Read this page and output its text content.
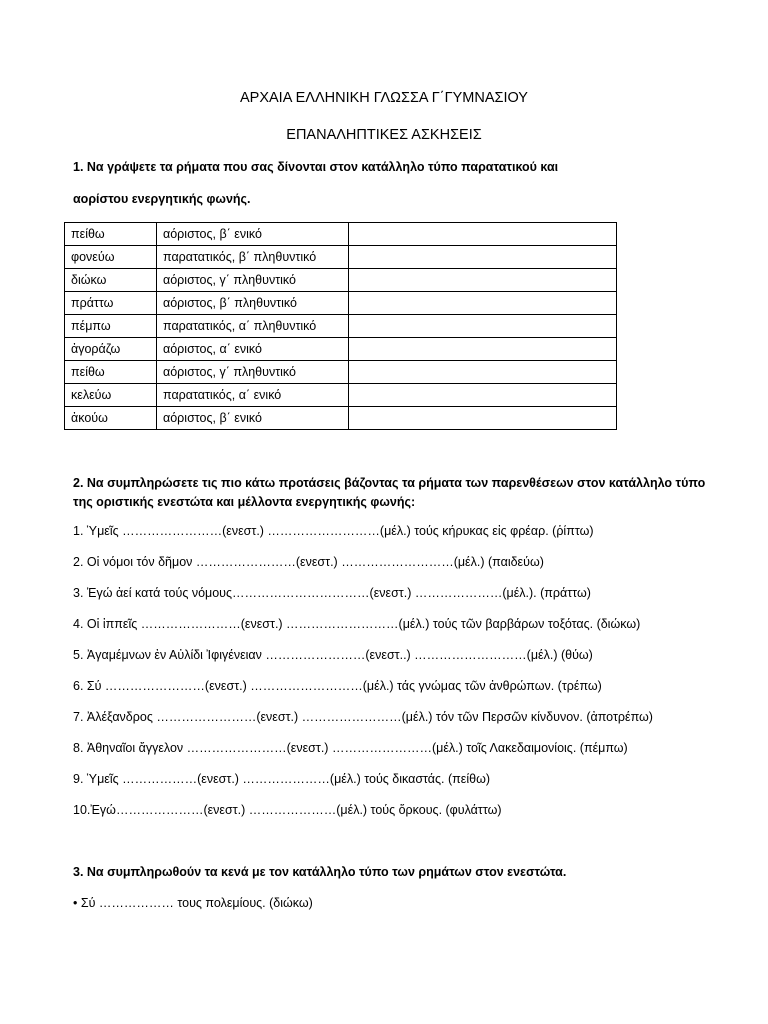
ΑΡΧΑΙΑ ΕΛΛΗΝΙΚΗ ΓΛΩΣΣΑ Γ΄ΓΥΜΝΑΣΙΟΥ
ΕΠΑΝΑΛΗΠΤΙΚΕΣ ΑΣΚΗΣΕΙΣ
1. Να γράψετε τα ρήματα που σας δίνονται στον κατάλληλο τύπο παρατατικού και
αορίστου ενεργητικής φωνής.
πείθω	αόριστος, β΄ ενικό	
φονεύω	παρατατικός, β΄ πληθυντικό	
διώκω	αόριστος, γ΄ πληθυντικό	
πράττω	αόριστος, β΄ πληθυντικό	
πέμπω	παρατατικός, α΄ πληθυντικό	
ἀγοράζω	αόριστος, α΄ ενικό	
πείθω	αόριστος, γ΄ πληθυντικό	
κελεύω	παρατατικός, α΄ ενικό	
ἀκούω	αόριστος, β΄ ενικό	
2. Να συμπληρώσετε τις πιο κάτω προτάσεις βάζοντας τα ρήματα των παρενθέσεων στον κατάλληλο τύπο της οριστικής ενεστώτα και μέλλοντα ενεργητικής φωνής:
1. Ὑμεῖς ……………………(ενεστ.) ………………………(μέλ.) τούς κήρυκας εἰς φρέαρ. (ῥίπτω)
2. Οἱ νόμοι τόν δῆμον ……………………(ενεστ.) ………………………(μέλ.) (παιδεύω)
3. Ἐγώ ἀεί κατά τούς νόμους……………………………(ενεστ.) …………………(μέλ.). (πράττω)
4. Οἱ ἱππεῖς ……………………(ενεστ.) ………………………(μέλ.) τούς τῶν βαρβάρων τοξότας. (διώκω)
5. Ἀγαμέμνων ἐν Αὐλίδι Ἰφιγένειαν ……………………(ενεστ..) ………………………(μέλ.) (θύω)
6. Σύ ……………………(ενεστ.) ………………………(μέλ.) τάς γνώμας τῶν ἀνθρώπων. (τρέπω)
7. Ἀλέξανδρος ……………………(ενεστ.) ……………………(μέλ.) τόν τῶν Περσῶν κίνδυνον. (ἀποτρέπω)
8. Ἀθηναῖοι ἄγγελον ……………………(ενεστ.) ……………………(μέλ.) τοῖς Λακεδαιμονίοις. (πέμπω)
9. Ὑμεῖς ………………(ενεστ.) …………………(μέλ.) τούς δικαστάς. (πείθω)
10.Ἐγώ…………………(ενεστ.) …………………(μέλ.) τούς ὅρκους. (φυλάττω)
3. Να συμπληρωθούν τα κενά με τον κατάλληλο τύπο των ρημάτων στον ενεστώτα.
• Σύ ……………… τους πολεμίους. (διώκω)
